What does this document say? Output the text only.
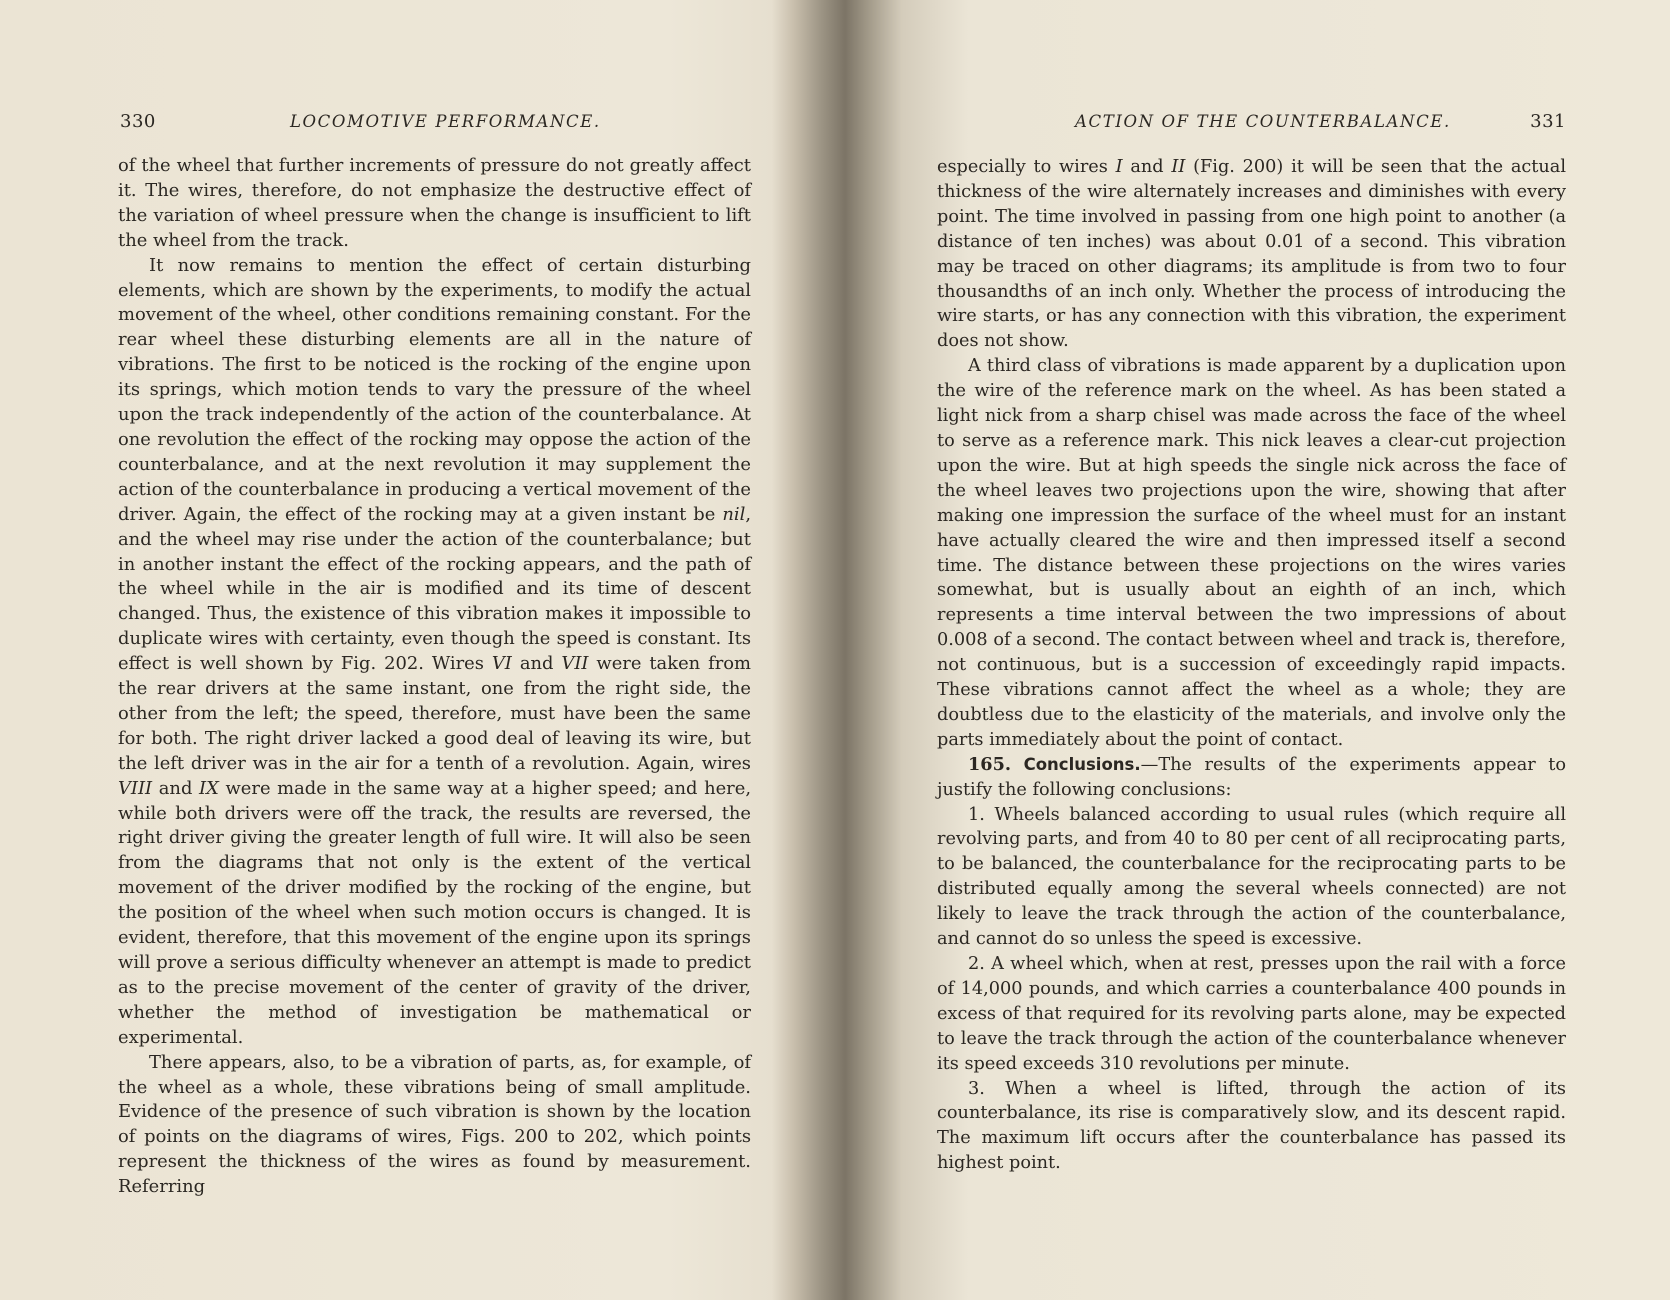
330	LOCOMOTIVE PERFORMANCE.

of the wheel that further increments of pressure do not greatly affect it. The wires, therefore, do not emphasize the destructive effect of the variation of wheel pressure when the change is insufficient to lift the wheel from the track.

It now remains to mention the effect of certain disturbing elements, which are shown by the experiments, to modify the actual movement of the wheel, other conditions remaining constant. For the rear wheel these disturbing elements are all in the nature of vibrations. The first to be noticed is the rocking of the engine upon its springs, which motion tends to vary the pressure of the wheel upon the track independently of the action of the counterbalance. At one revolution the effect of the rocking may oppose the action of the counterbalance, and at the next revolution it may supplement the action of the counterbalance in producing a vertical movement of the driver. Again, the effect of the rocking may at a given instant be nil, and the wheel may rise under the action of the counterbalance; but in another instant the effect of the rocking appears, and the path of the wheel while in the air is modified and its time of descent changed. Thus, the existence of this vibration makes it impossible to duplicate wires with certainty, even though the speed is constant. Its effect is well shown by Fig. 202. Wires VI and VII were taken from the rear drivers at the same instant, one from the right side, the other from the left; the speed, therefore, must have been the same for both. The right driver lacked a good deal of leaving its wire, but the left driver was in the air for a tenth of a revolution. Again, wires VIII and IX were made in the same way at a higher speed; and here, while both drivers were off the track, the results are reversed, the right driver giving the greater length of full wire. It will also be seen from the diagrams that not only is the extent of the vertical movement of the driver modified by the rocking of the engine, but the position of the wheel when such motion occurs is changed. It is evident, therefore, that this movement of the engine upon its springs will prove a serious difficulty whenever an attempt is made to predict as to the precise movement of the center of gravity of the driver, whether the method of investigation be mathematical or experimental.

There appears, also, to be a vibration of parts, as, for example, of the wheel as a whole, these vibrations being of small amplitude. Evidence of the presence of such vibration is shown by the location of points on the diagrams of wires, Figs. 200 to 202, which points represent the thickness of the wires as found by measurement. Referring

ACTION OF THE COUNTERBALANCE.	331

especially to wires I and II (Fig. 200) it will be seen that the actual thickness of the wire alternately increases and diminishes with every point. The time involved in passing from one high point to another (a distance of ten inches) was about 0.01 of a second. This vibration may be traced on other diagrams; its amplitude is from two to four thousandths of an inch only. Whether the process of introducing the wire starts, or has any connection with this vibration, the experiment does not show.

A third class of vibrations is made apparent by a duplication upon the wire of the reference mark on the wheel. As has been stated a light nick from a sharp chisel was made across the face of the wheel to serve as a reference mark. This nick leaves a clear-cut projection upon the wire. But at high speeds the single nick across the face of the wheel leaves two projections upon the wire, showing that after making one impression the surface of the wheel must for an instant have actually cleared the wire and then impressed itself a second time. The distance between these projections on the wires varies somewhat, but is usually about an eighth of an inch, which represents a time interval between the two impressions of about 0.008 of a second. The contact between wheel and track is, therefore, not continuous, but is a succession of exceedingly rapid impacts. These vibrations cannot affect the wheel as a whole; they are doubtless due to the elasticity of the materials, and involve only the parts immediately about the point of contact.

165. Conclusions.—The results of the experiments appear to justify the following conclusions:

1. Wheels balanced according to usual rules (which require all revolving parts, and from 40 to 80 per cent of all reciprocating parts, to be balanced, the counterbalance for the reciprocating parts to be distributed equally among the several wheels connected) are not likely to leave the track through the action of the counterbalance, and cannot do so unless the speed is excessive.

2. A wheel which, when at rest, presses upon the rail with a force of 14,000 pounds, and which carries a counterbalance 400 pounds in excess of that required for its revolving parts alone, may be expected to leave the track through the action of the counterbalance whenever its speed exceeds 310 revolutions per minute.

3. When a wheel is lifted, through the action of its counterbalance, its rise is comparatively slow, and its descent rapid. The maximum lift occurs after the counterbalance has passed its highest point.
